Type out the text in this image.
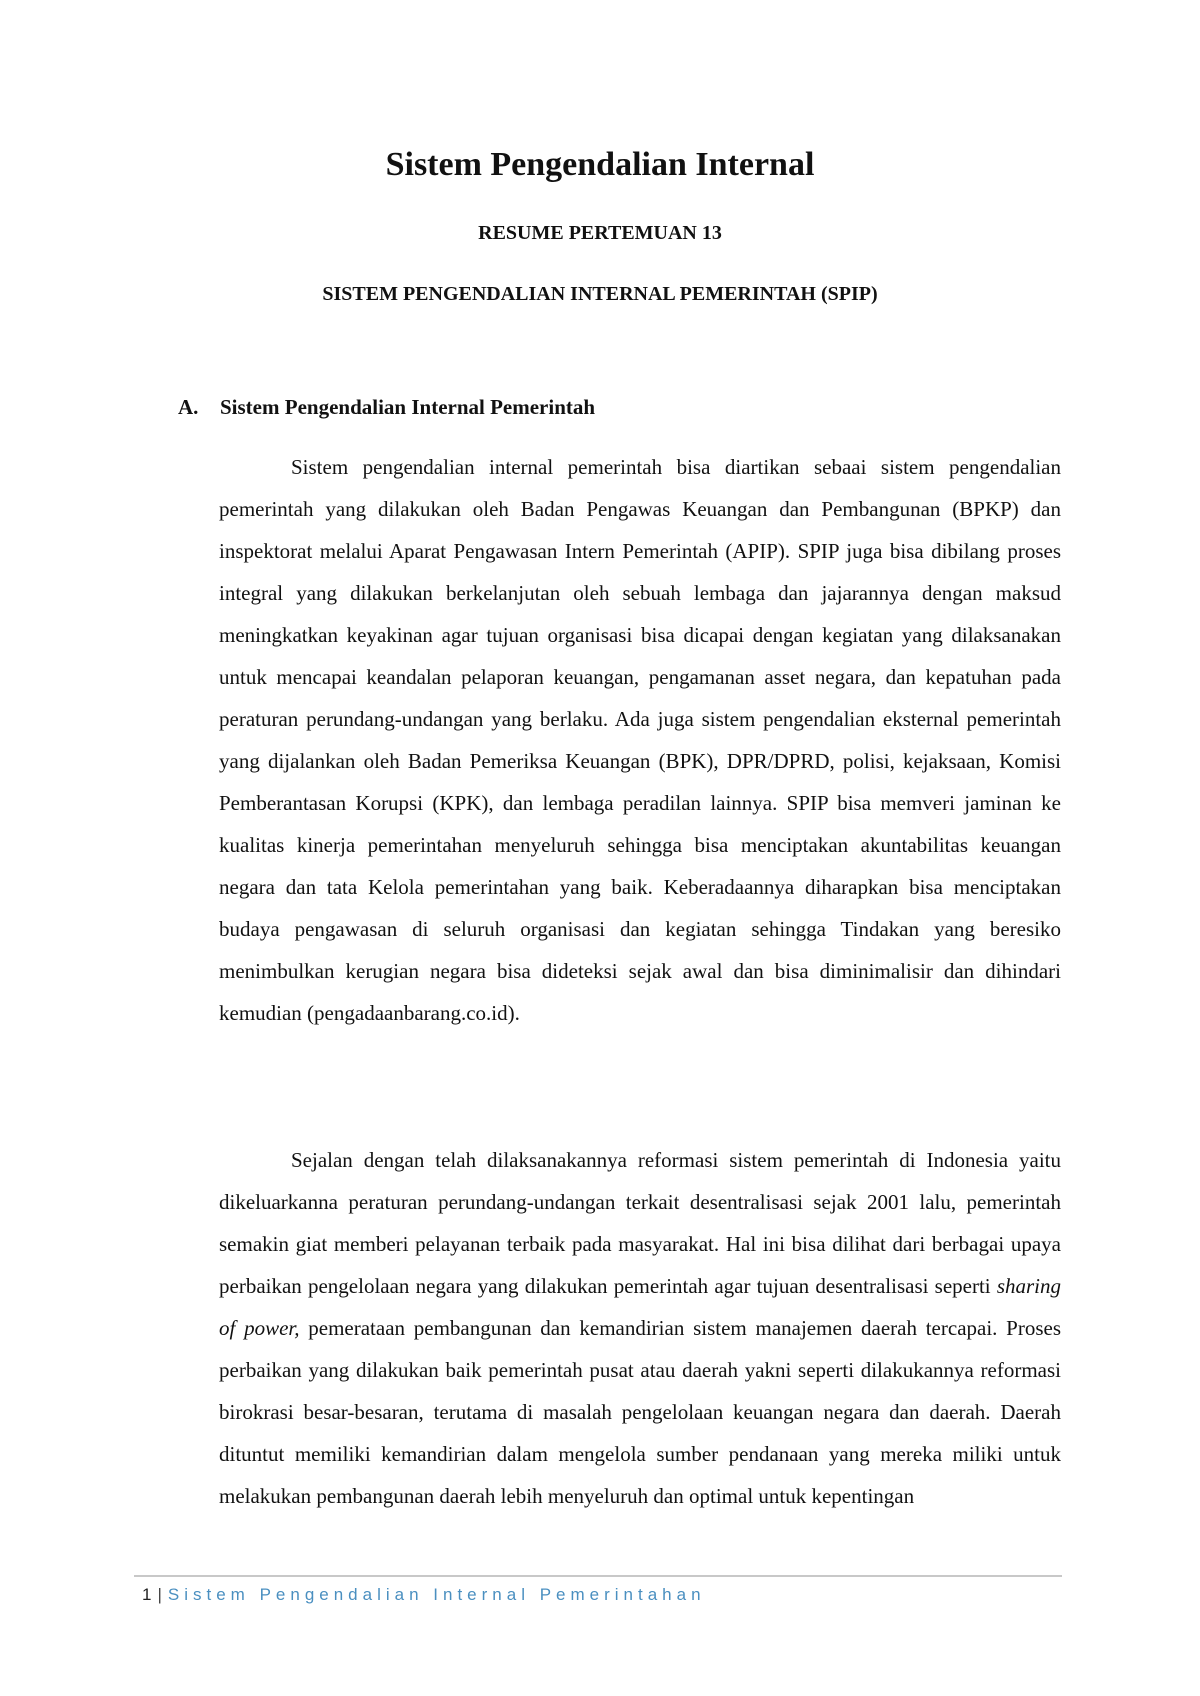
Sistem Pengendalian Internal
RESUME PERTEMUAN 13
SISTEM PENGENDALIAN INTERNAL PEMERINTAH (SPIP)
A. Sistem Pengendalian Internal Pemerintah

Sistem pengendalian internal pemerintah bisa diartikan sebaai sistem pengendalian pemerintah yang dilakukan oleh Badan Pengawas Keuangan dan Pembangunan (BPKP) dan inspektorat melalui Aparat Pengawasan Intern Pemerintah (APIP). SPIP juga bisa dibilang proses integral yang dilakukan berkelanjutan oleh sebuah lembaga dan jajarannya dengan maksud meningkatkan keyakinan agar tujuan organisasi bisa dicapai dengan kegiatan yang dilaksanakan untuk mencapai keandalan pelaporan keuangan, pengamanan asset negara, dan kepatuhan pada peraturan perundang-undangan yang berlaku. Ada juga sistem pengendalian eksternal pemerintah yang dijalankan oleh Badan Pemeriksa Keuangan (BPK), DPR/DPRD, polisi, kejaksaan, Komisi Pemberantasan Korupsi (KPK), dan lembaga peradilan lainnya. SPIP bisa memveri jaminan ke kualitas kinerja pemerintahan menyeluruh sehingga bisa menciptakan akuntabilitas keuangan negara dan tata Kelola pemerintahan yang baik. Keberadaannya diharapkan bisa menciptakan budaya pengawasan di seluruh organisasi dan kegiatan sehingga Tindakan yang beresiko menimbulkan kerugian negara bisa dideteksi sejak awal dan bisa diminimalisir dan dihindari kemudian (pengadaanbarang.co.id).

Sejalan dengan telah dilaksanakannya reformasi sistem pemerintah di Indonesia yaitu dikeluarkanna peraturan perundang-undangan terkait desentralisasi sejak 2001 lalu, pemerintah semakin giat memberi pelayanan terbaik pada masyarakat. Hal ini bisa dilihat dari berbagai upaya perbaikan pengelolaan negara yang dilakukan pemerintah agar tujuan desentralisasi seperti sharing of power, pemerataan pembangunan dan kemandirian sistem manajemen daerah tercapai. Proses perbaikan yang dilakukan baik pemerintah pusat atau daerah yakni seperti dilakukannya reformasi birokrasi besar-besaran, terutama di masalah pengelolaan keuangan negara dan daerah. Daerah dituntut memiliki kemandirian dalam mengelola sumber pendanaan yang mereka miliki untuk melakukan pembangunan daerah lebih menyeluruh dan optimal untuk kepentingan

1 | Sistem Pengendalian Internal Pemerintahan
